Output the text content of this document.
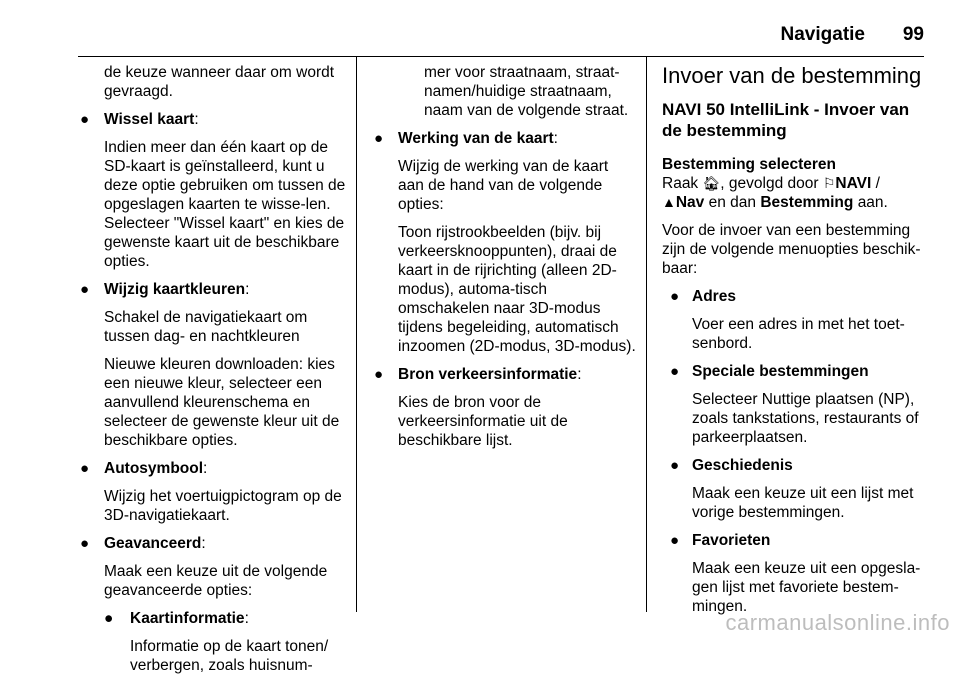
Navigatie 99

de keuze wanneer daar om wordt gevraagd.

● Wissel kaart:

Indien meer dan één kaart op de SD-kaart is geïnstalleerd, kunt u deze optie gebruiken om tussen de opgeslagen kaarten te wisse-len. Selecteer "Wissel kaart" en kies de gewenste kaart uit de beschikbare opties.

● Wijzig kaartkleuren:

Schakel de navigatiekaart om tussen dag- en nachtkleuren

Nieuwe kleuren downloaden: kies een nieuwe kleur, selecteer een aanvullend kleurenschema en selecteer de gewenste kleur uit de beschikbare opties.

● Autosymbool:

Wijzig het voertuigpictogram op de 3D-navigatiekaart.

● Geavanceerd:

Maak een keuze uit de volgende geavanceerde opties:

● Kaartinformatie:

Informatie op de kaart tonen/ verbergen, zoals huisnum-

mer voor straatnaam, straat-namen/huidige straatnaam, naam van de volgende straat.

● Werking van de kaart:

Wijzig de werking van de kaart aan de hand van de volgende opties:

Toon rijstrookbeelden (bijv. bij verkeersknooppunten), draai de kaart in de rijrichting (alleen 2D-modus), automa-tisch omschakelen naar 3D-modus tijdens begeleiding, automatisch inzoomen (2D-modus, 3D-modus).

● Bron verkeersinformatie:

Kies de bron voor de verkeersinformatie uit de beschikbare lijst.

Invoer van de bestemming
NAVI 50 IntelliLink - Invoer van de bestemming

Bestemming selecteren
Raak 🏠︎, gevolgd door ⚐NAVI /
▲Nav en dan Bestemming aan.

Voor de invoer van een bestemming zijn de volgende menuopties beschik-baar:

● Adres

Voer een adres in met het toet-senbord.

● Speciale bestemmingen

Selecteer Nuttige plaatsen (NP), zoals tankstations, restaurants of parkeerplaatsen.

● Geschiedenis

Maak een keuze uit een lijst met vorige bestemmingen.

● Favorieten

Maak een keuze uit een opgesla-gen lijst met favoriete bestem-mingen.

carmanualsonline.info
